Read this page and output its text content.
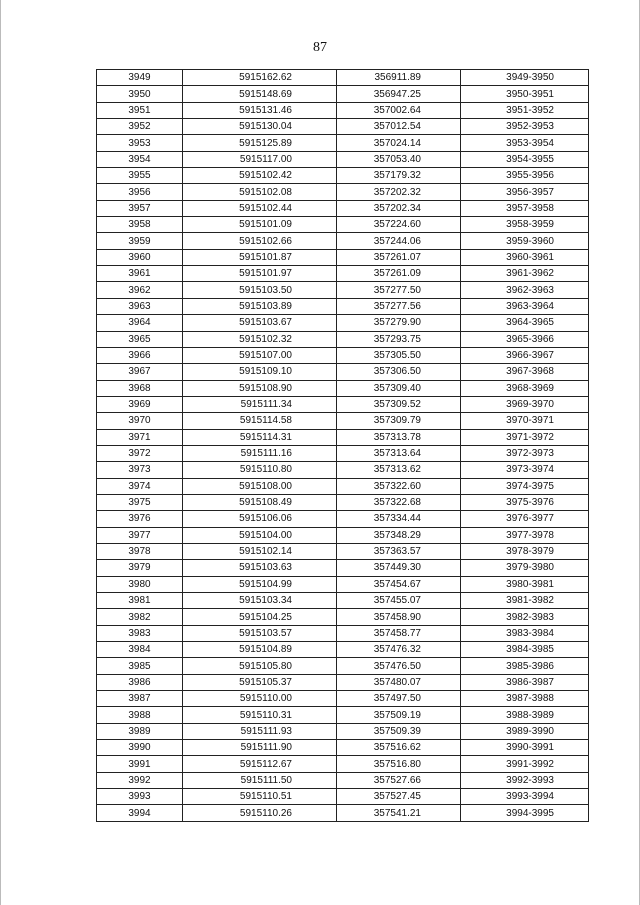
87
3949	5915162.62	356911.89	3949-3950
3950	5915148.69	356947.25	3950-3951
3951	5915131.46	357002.64	3951-3952
3952	5915130.04	357012.54	3952-3953
3953	5915125.89	357024.14	3953-3954
3954	5915117.00	357053.40	3954-3955
3955	5915102.42	357179.32	3955-3956
3956	5915102.08	357202.32	3956-3957
3957	5915102.44	357202.34	3957-3958
3958	5915101.09	357224.60	3958-3959
3959	5915102.66	357244.06	3959-3960
3960	5915101.87	357261.07	3960-3961
3961	5915101.97	357261.09	3961-3962
3962	5915103.50	357277.50	3962-3963
3963	5915103.89	357277.56	3963-3964
3964	5915103.67	357279.90	3964-3965
3965	5915102.32	357293.75	3965-3966
3966	5915107.00	357305.50	3966-3967
3967	5915109.10	357306.50	3967-3968
3968	5915108.90	357309.40	3968-3969
3969	5915111.34	357309.52	3969-3970
3970	5915114.58	357309.79	3970-3971
3971	5915114.31	357313.78	3971-3972
3972	5915111.16	357313.64	3972-3973
3973	5915110.80	357313.62	3973-3974
3974	5915108.00	357322.60	3974-3975
3975	5915108.49	357322.68	3975-3976
3976	5915106.06	357334.44	3976-3977
3977	5915104.00	357348.29	3977-3978
3978	5915102.14	357363.57	3978-3979
3979	5915103.63	357449.30	3979-3980
3980	5915104.99	357454.67	3980-3981
3981	5915103.34	357455.07	3981-3982
3982	5915104.25	357458.90	3982-3983
3983	5915103.57	357458.77	3983-3984
3984	5915104.89	357476.32	3984-3985
3985	5915105.80	357476.50	3985-3986
3986	5915105.37	357480.07	3986-3987
3987	5915110.00	357497.50	3987-3988
3988	5915110.31	357509.19	3988-3989
3989	5915111.93	357509.39	3989-3990
3990	5915111.90	357516.62	3990-3991
3991	5915112.67	357516.80	3991-3992
3992	5915111.50	357527.66	3992-3993
3993	5915110.51	357527.45	3993-3994
3994	5915110.26	357541.21	3994-3995
